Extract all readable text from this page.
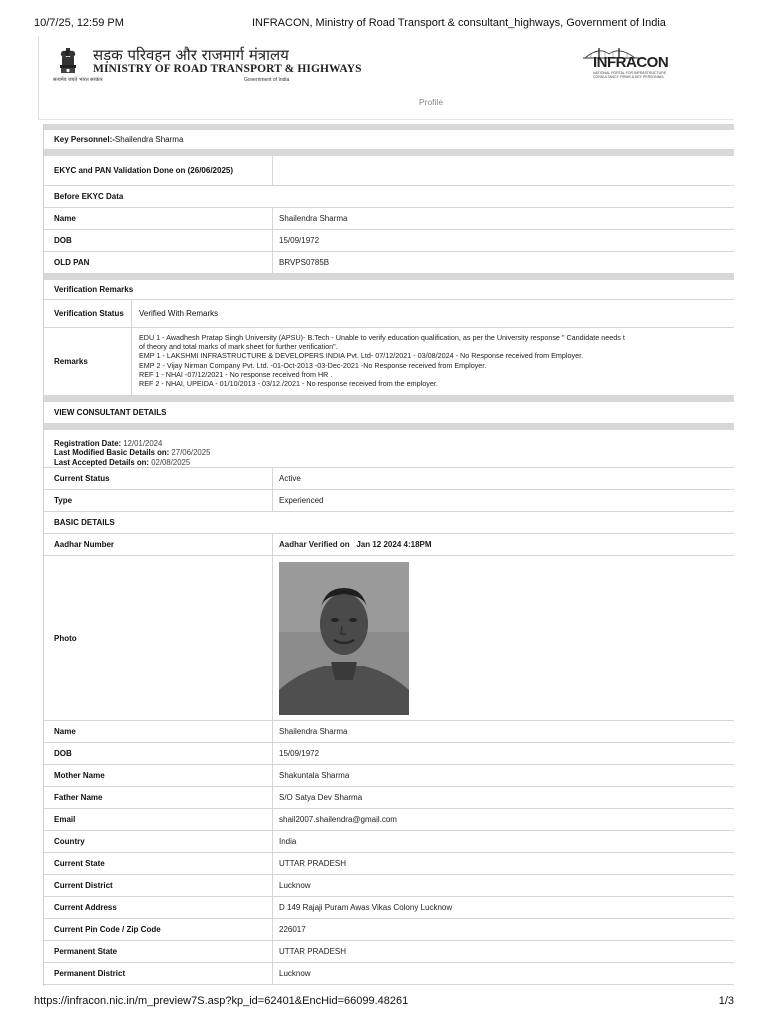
10/7/25, 12:59 PM	INFRACON, Ministry of Road Transport & consultant_highways, Government of India
सत्यमेव जयते भारत सरकार
सड़क परिवहन और राजमार्ग मंत्रालय
MINISTRY OF ROAD TRANSPORT & HIGHWAYS
Government of India
INFRACON
NATIONAL PORTAL FOR INFRASTRUCTURE CONSULTANCY FIRMS & KEY PERSONNEL
Profile
Key Personnel:- Shailendra Sharma
EKYC and PAN Validation Done on (26/06/2025)
Before EKYC Data
Name	Shailendra Sharma
DOB	15/09/1972
OLD PAN	BRVPS0785B
Verification Remarks
Verification Status Verified With Remarks
Remarks
EDU 1 - Awadhesh Pratap Singh University (APSU)- B.Tech - Unable to verify education qualification, as per the University response " Candidate needs t
of theory and total marks of mark sheet for further verification".
EMP 1 - LAKSHMI INFRASTRUCTURE & DEVELOPERS INDIA Pvt. Ltd- 07/12/2021 - 03/08/2024 - No Response received from Employer.
EMP 2 - Vijay Nirman Company Pvt. Ltd. -01-Oct-2013 -03-Dec-2021 -No Response received from Employer.
REF 1 - NHAI -07/12/2021 - No response received from HR .
REF 2 - NHAI, UPEIDA - 01/10/2013 - 03/12./2021 - No response received from the employer.
VIEW CONSULTANT DETAILS
Registration Date: 12/01/2024
Last Modified Basic Details on: 27/06/2025
Last Accepted Details on: 02/08/2025
Current Status	Active
Type	Experienced
BASIC DETAILS
Aadhar Number	Aadhar Verified on   Jan 12 2024 4:18PM
Photo
Name	Shailendra Sharma
DOB	15/09/1972
Mother Name	Shakuntala Sharma
Father Name	S/O Satya Dev Sharma
Email	shail2007.shailendra@gmail.com
Country	India
Current State	UTTAR PRADESH
Current District	Lucknow
Current Address	D 149 Rajaji Puram Awas Vikas Colony Lucknow
Current Pin Code / Zip Code	226017
Permanent State	UTTAR PRADESH
Permanent District	Lucknow
https://infracon.nic.in/m_preview7S.asp?kp_id=62401&EncHid=66099.48261	1/3
